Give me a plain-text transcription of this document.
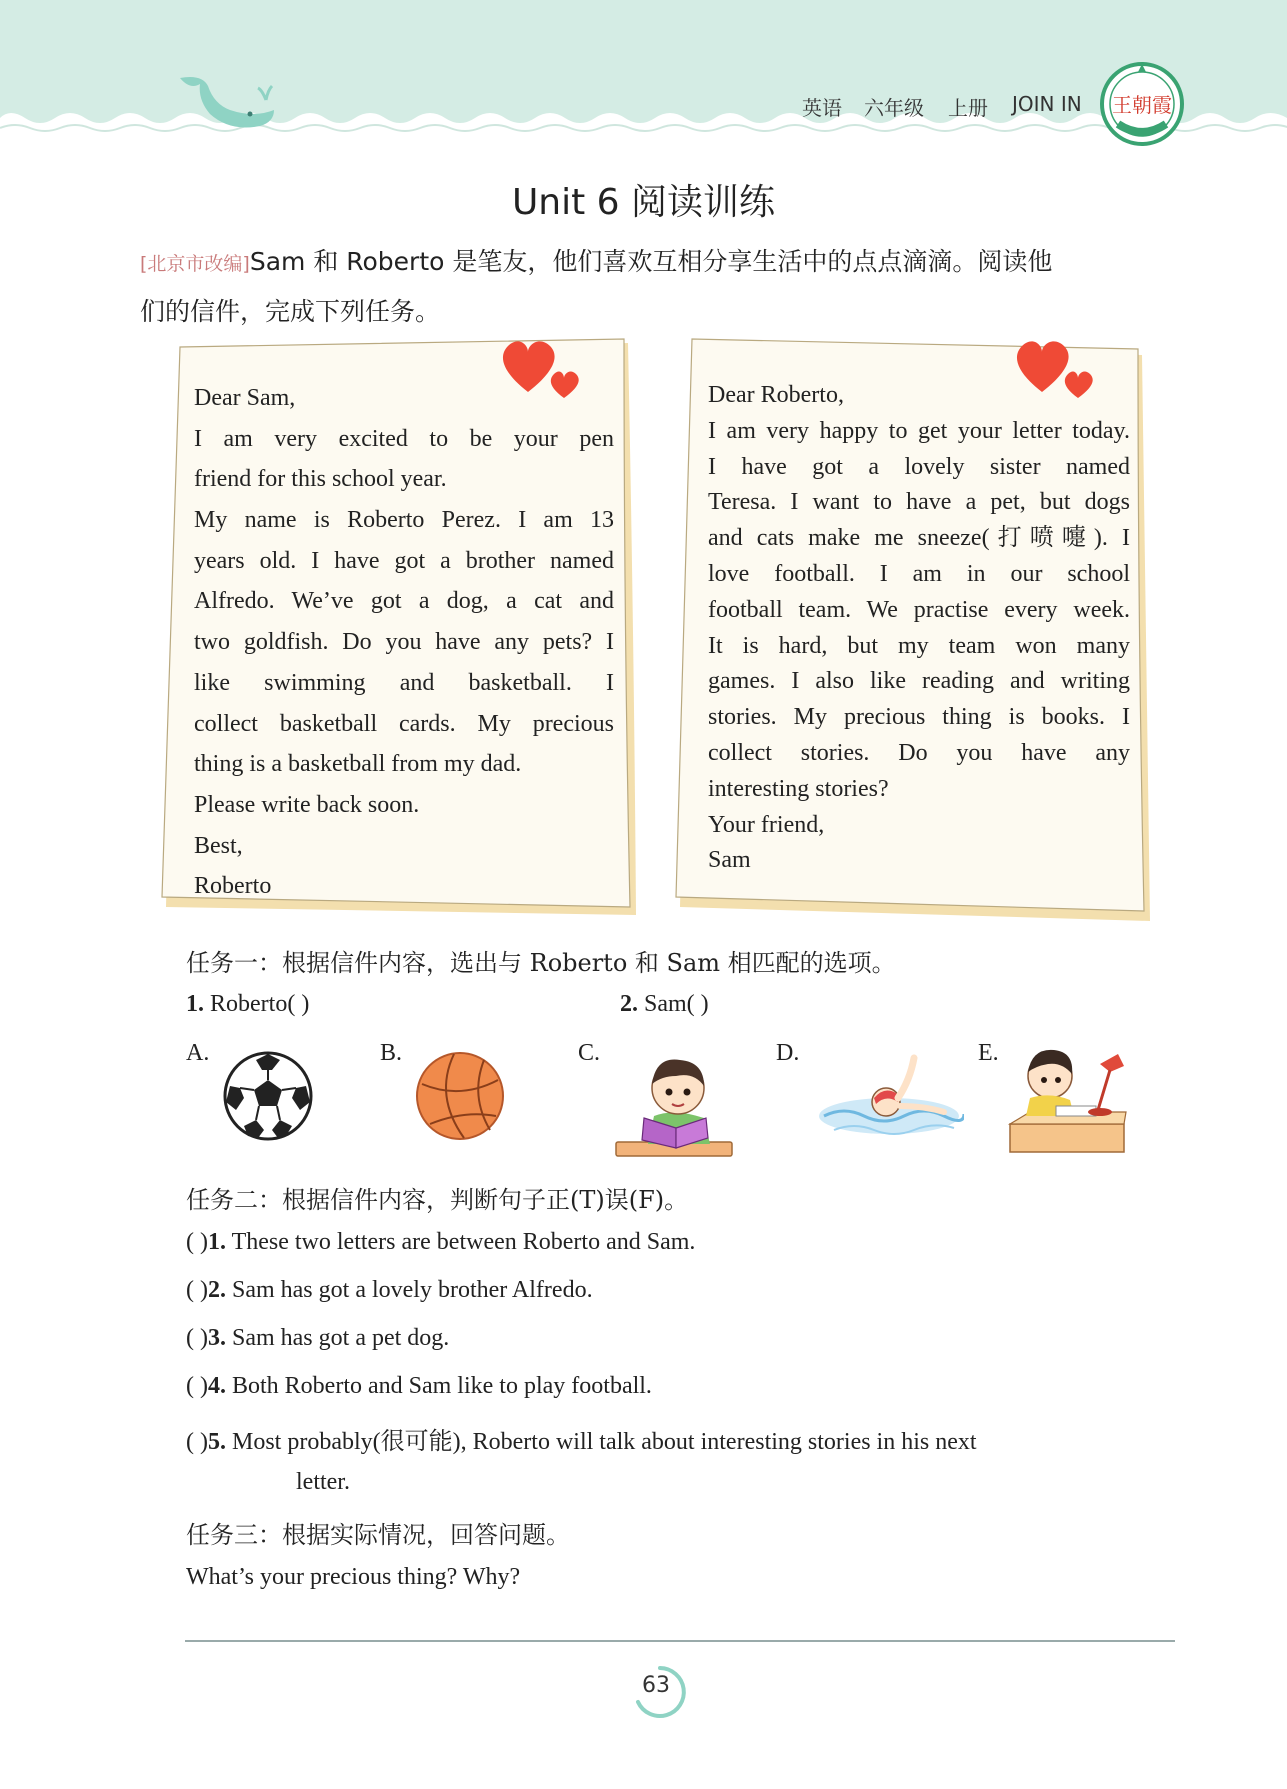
英语 六年级 上册 JOIN IN 王朝霞
Unit 6 阅读训练
[北京市改编]Sam 和 Roberto 是笔友，他们喜欢互相分享生活中的点点滴滴。阅读他
们的信件，完成下列任务。
Dear Sam,
I am very excited to be your pen
friend for this school year.
My name is Roberto Perez. I am 13
years old. I have got a brother named
Alfredo. We’ve got a dog, a cat and
two goldfish. Do you have any pets? I
like swimming and basketball. I
collect basketball cards. My precious
thing is a basketball from my dad.
Please write back soon.
Best,
Roberto
Dear Roberto,
I am very happy to get your letter today.
I have got a lovely sister named
Teresa. I want to have a pet, but dogs
and cats make me sneeze(打喷嚏). I
love football. I am in our school
football team. We practise every week.
It is hard, but my team won many
games. I also like reading and writing
stories. My precious thing is books. I
collect stories. Do you have any
interesting stories?
Your friend,
Sam
任务一：根据信件内容，选出与 Roberto 和 Sam 相匹配的选项。
1. Roberto( )	2. Sam( )
A.	B.	C.	D.	E.
任务二：根据信件内容，判断句子正(T)误(F)。
( )1. These two letters are between Roberto and Sam.
( )2. Sam has got a lovely brother Alfredo.
( )3. Sam has got a pet dog.
( )4. Both Roberto and Sam like to play football.
( )5. Most probably(很可能), Roberto will talk about interesting stories in his next
letter.
任务三：根据实际情况，回答问题。
What’s your precious thing? Why?
63
